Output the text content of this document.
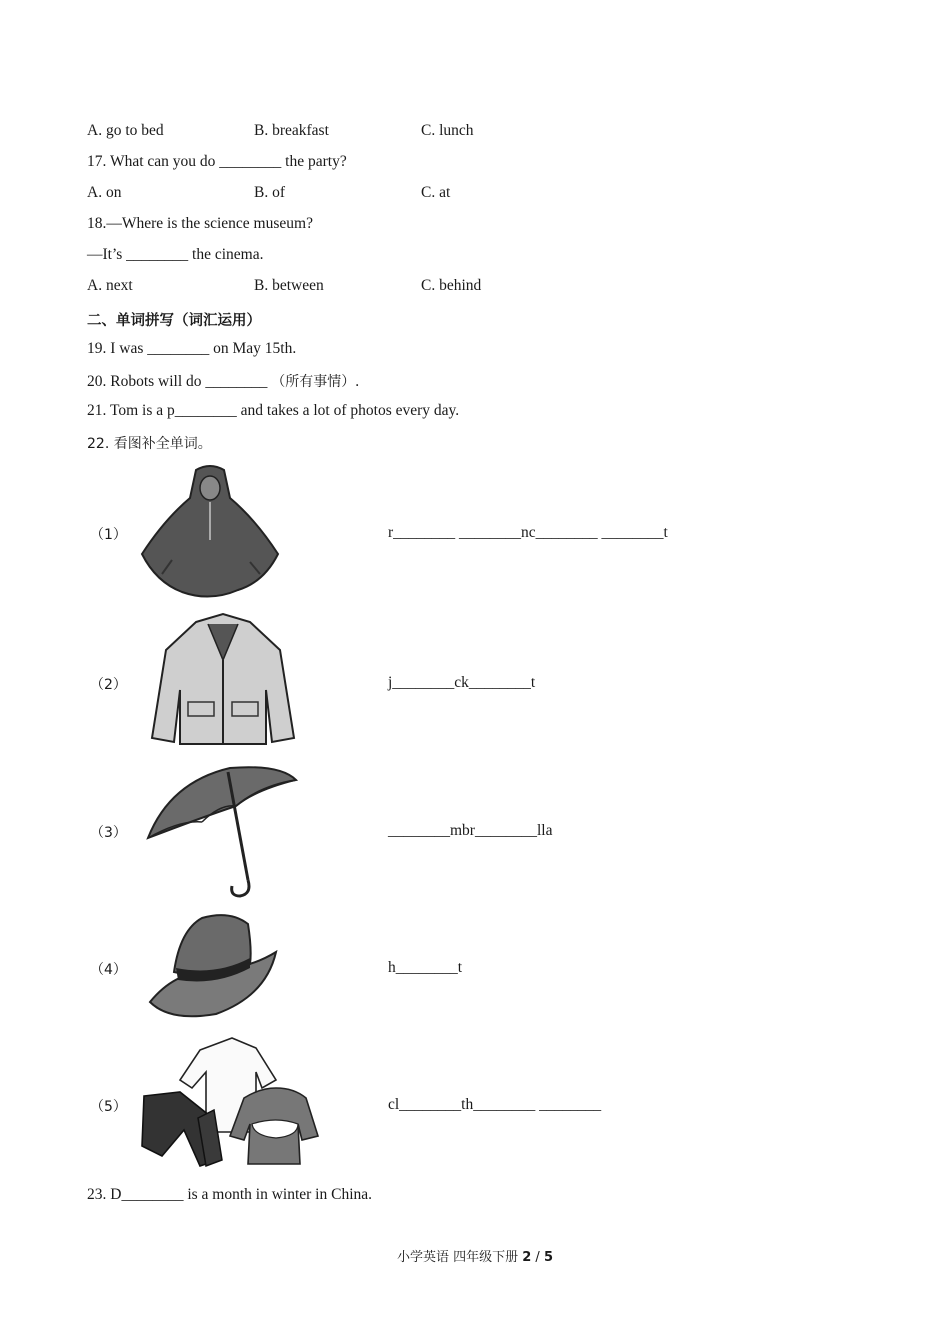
A. go to bed	B. breakfast	C. lunch
17. What can you do ________ the party?
A. on	B. of	C. at
18.—Where is the science museum?
—It’s ________ the cinema.
A. next	B. between	C. behind
二、单词拼写（词汇运用）
19. I was ________ on May 15th.
20. Robots will do ________ （所有事情）.
21. Tom is a p________ and takes a lot of photos every day.
22. 看图补全单词。
（1）	r________ ________nc________ ________t
（2）	j________ck________t
（3）	________mbr________lla
（4）	h________t
（5）	cl________th________ ________
23. D________ is a month in winter in China.
小学英语 四年级下册 2 / 5
